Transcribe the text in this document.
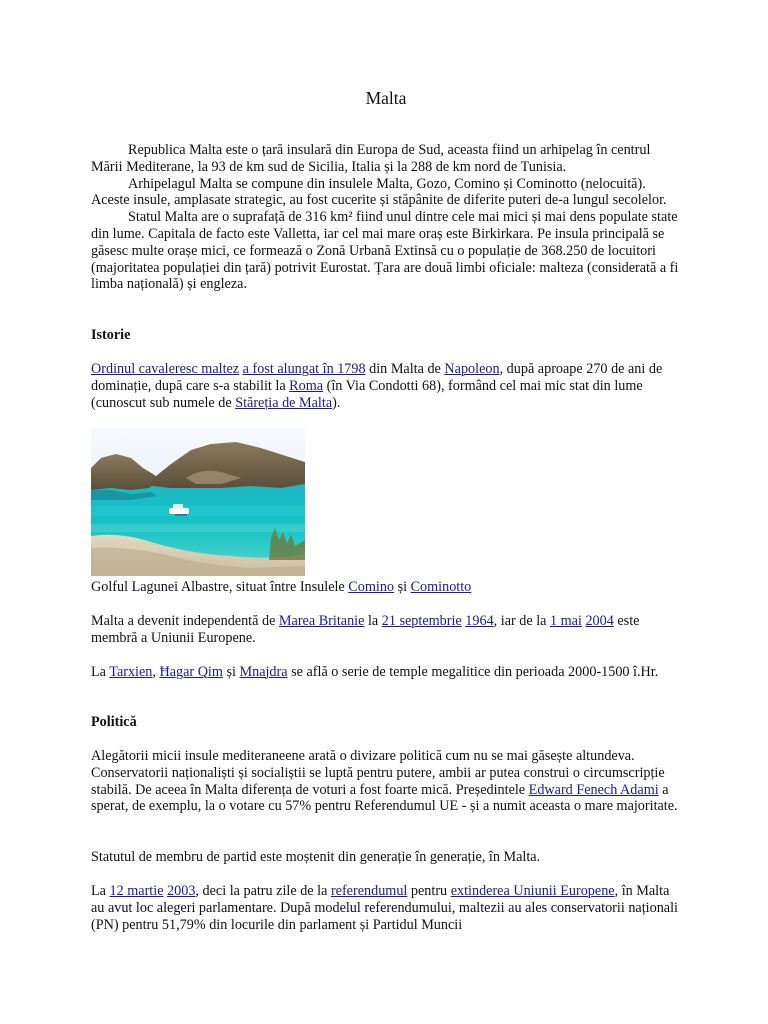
Malta

Republica Malta este o țară insulară din Europa de Sud, aceasta fiind un arhipelag în centrul Mării Mediterane, la 93 de km sud de Sicilia, Italia și la 288 de km nord de Tunisia.

Arhipelagul Malta se compune din insulele Malta, Gozo, Comino și Cominotto (nelocuită). Aceste insule, amplasate strategic, au fost cucerite și stăpânite de diferite puteri de-a lungul secolelor.

Statul Malta are o suprafață de 316 km² fiind unul dintre cele mai mici și mai dens populate state din lume. Capitala de facto este Valletta, iar cel mai mare oraș este Birkirkara. Pe insula principală se găsesc multe orașe mici, ce formează o Zonă Urbană Extinsă cu o populație de 368.250 de locuitori (majoritatea populației din țară) potrivit Eurostat. Țara are două limbi oficiale: malteza (considerată a fi limba națională) și engleza.

Istorie

Ordinul cavaleresc maltez a fost alungat în 1798 din Malta de Napoleon, după aproape 270 de ani de dominație, după care s-a stabilit la Roma (în Via Condotti 68), formând cel mai mic stat din lume (cunoscut sub numele de Stăreția de Malta).

Golful Lagunei Albastre, situat între Insulele Comino și Cominotto

Malta a devenit independentă de Marea Britanie la 21 septembrie 1964, iar de la 1 mai 2004 este membră a Uniunii Europene.

La Tarxien, Ħagar Qim și Mnajdra se află o serie de temple megalitice din perioada 2000-1500 î.Hr.

Politică

Alegătorii micii insule mediteraneene arată o divizare politică cum nu se mai găsește altundeva. Conservatorii naționaliști și socialiștii se luptă pentru putere, ambii ar putea construi o circumscripție stabilă. De aceea în Malta diferența de voturi a fost foarte mică. Președintele Edward Fenech Adami a sperat, de exemplu, la o votare cu 57% pentru Referendumul UE - și a numit aceasta o mare majoritate.

Statutul de membru de partid este moștenit din generație în generație, în Malta.

La 12 martie 2003, deci la patru zile de la referendumul pentru extinderea Uniunii Europene, în Malta au avut loc alegeri parlamentare. După modelul referendumului, maltezii au ales conservatorii naționali (PN) pentru 51,79% din locurile din parlament și Partidul Muncii
